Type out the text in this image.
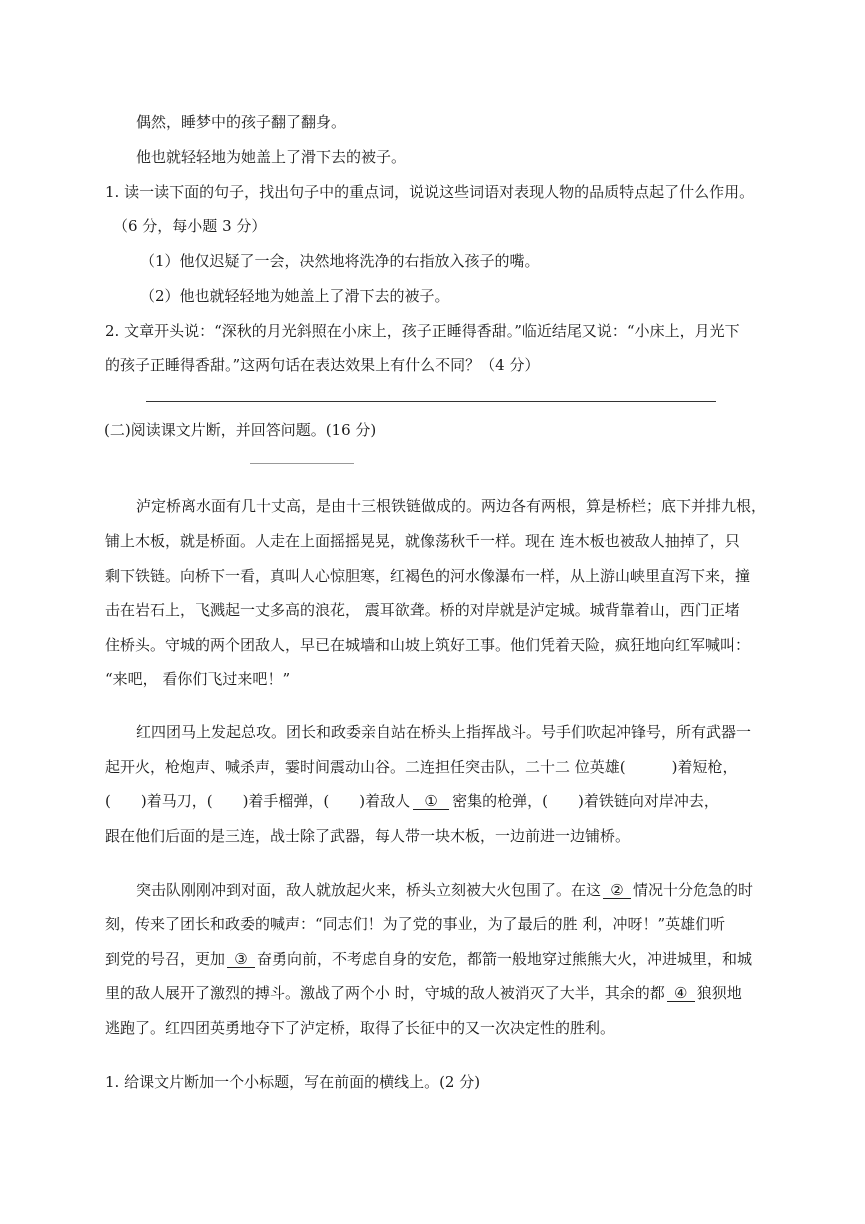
偶然，睡梦中的孩子翻了翻身。
他也就轻轻地为她盖上了滑下去的被子。
1. 读一读下面的句子，找出句子中的重点词，说说这些词语对表现人物的品质特点起了什么作用。
（6 分，每小题 3 分）
（1）他仅迟疑了一会，决然地将洗净的右指放入孩子的嘴。
（2）他也就轻轻地为她盖上了滑下去的被子。
2. 文章开头说：“深秋的月光斜照在小床上，孩子正睡得香甜。”临近结尾又说：“小床上，月光下
的孩子正睡得香甜。”这两句话在表达效果上有什么不同？（4 分）
(二)阅读课文片断，并回答问题。(16 分)
泸定桥离水面有几十丈高，是由十三根铁链做成的。两边各有两根，算是桥栏；底下并排九根，
铺上木板，就是桥面。人走在上面摇摇晃晃，就像荡秋千一样。现在 连木板也被敌人抽掉了，只
剩下铁链。向桥下一看，真叫人心惊胆寒，红褐色的河水像瀑布一样，从上游山峡里直泻下来，撞
击在岩石上，飞溅起一丈多高的浪花， 震耳欲聋。桥的对岸就是泸定城。城背靠着山，西门正堵
住桥头。守城的两个团敌人，早已在城墙和山坡上筑好工事。他们凭着天险，疯狂地向红军喊叫：
“来吧， 看你们飞过来吧！”
红四团马上发起总攻。团长和政委亲自站在桥头上指挥战斗。号手们吹起冲锋号，所有武器一
起开火，枪炮声、喊杀声，霎时间震动山谷。二连担任突击队，二十二 位英雄(	)着短枪，
( )着马刀，( )着手榴弹，( )着敌人 ① 密集的枪弹，( )着铁链向对岸冲去，
跟在他们后面的是三连，战士除了武器，每人带一块木板，一边前进一边铺桥。
突击队刚刚冲到对面，敌人就放起火来，桥头立刻被大火包围了。在这 ② 情况十分危急的时
刻，传来了团长和政委的喊声：“同志们！为了党的事业，为了最后的胜 利，冲呀！”英雄们听
到党的号召，更加 ③ 奋勇向前，不考虑自身的安危，都箭一般地穿过熊熊大火，冲进城里，和城
里的敌人展开了激烈的搏斗。激战了两个小 时，守城的敌人被消灭了大半，其余的都 ④ 狼狈地
逃跑了。红四团英勇地夺下了泸定桥，取得了长征中的又一次决定性的胜利。
1. 给课文片断加一个小标题，写在前面的横线上。(2 分)
